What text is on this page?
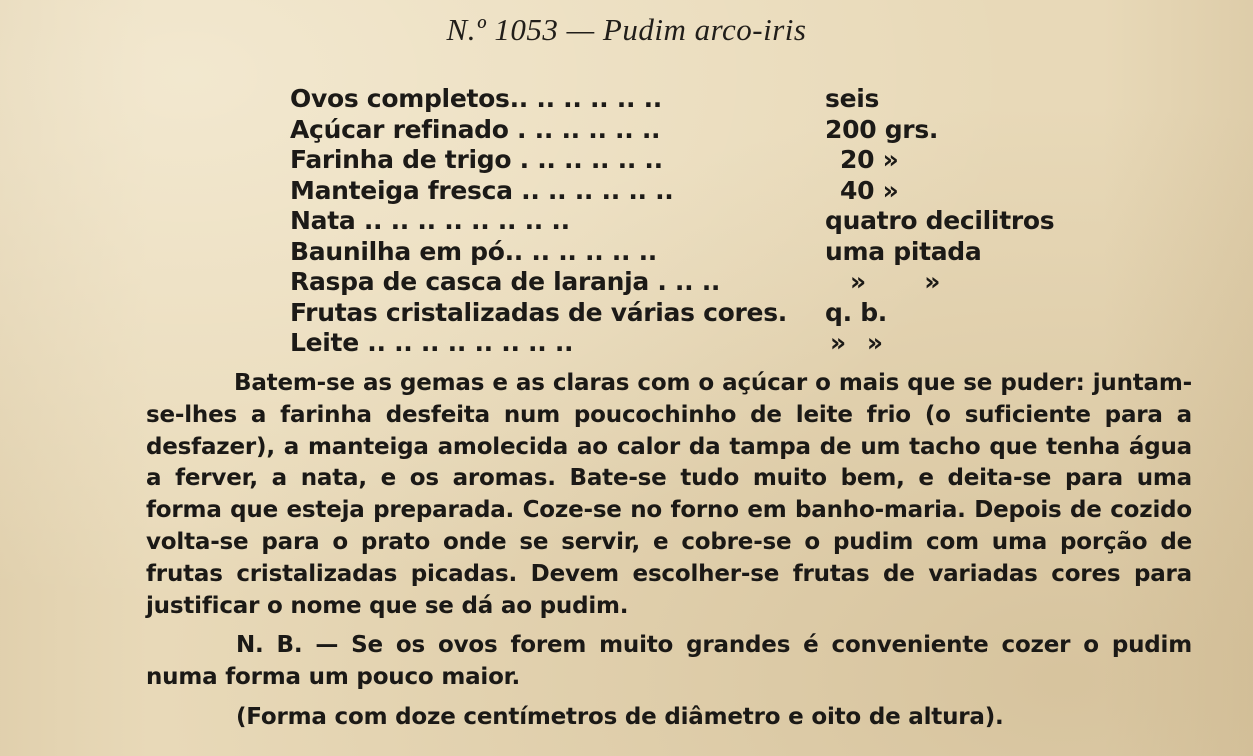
N.º 1053 — Pudim arco-iris
Ovos completos.. .. .. .. .. ..	seis
Açúcar refinado . .. .. .. .. ..	200 grs.
Farinha de trigo . .. .. .. .. ..	20 »
Manteiga fresca .. .. .. .. .. ..	40 »
Nata .. .. .. .. .. .. .. ..	quatro decilitros
Baunilha em pó.. .. .. .. .. ..	uma pitada
Raspa de casca de laranja . .. ..	» »
Frutas cristalizadas de várias cores. q. b.
Leite .. .. .. .. .. .. .. ..	» »
Batem-se as gemas e as claras com o açúcar o mais que se puder: juntam-se-lhes a farinha desfeita num poucochinho de leite frio (o suficiente para a desfazer), a manteiga amolecida ao calor da tampa de um tacho que tenha água a ferver, a nata, e os aromas. Bate-se tudo muito bem, e deita-se para uma forma que esteja preparada. Coze-se no forno em banho-maria. Depois de cozido volta-se para o prato onde se servir, e cobre-se o pudim com uma porção de frutas cristalizadas picadas. Devem escolher-se frutas de variadas cores para justificar o nome que se dá ao pudim.
N. B. — Se os ovos forem muito grandes é conveniente cozer o pudim numa forma um pouco maior.
(Forma com doze centímetros de diâmetro e oito de altura).
